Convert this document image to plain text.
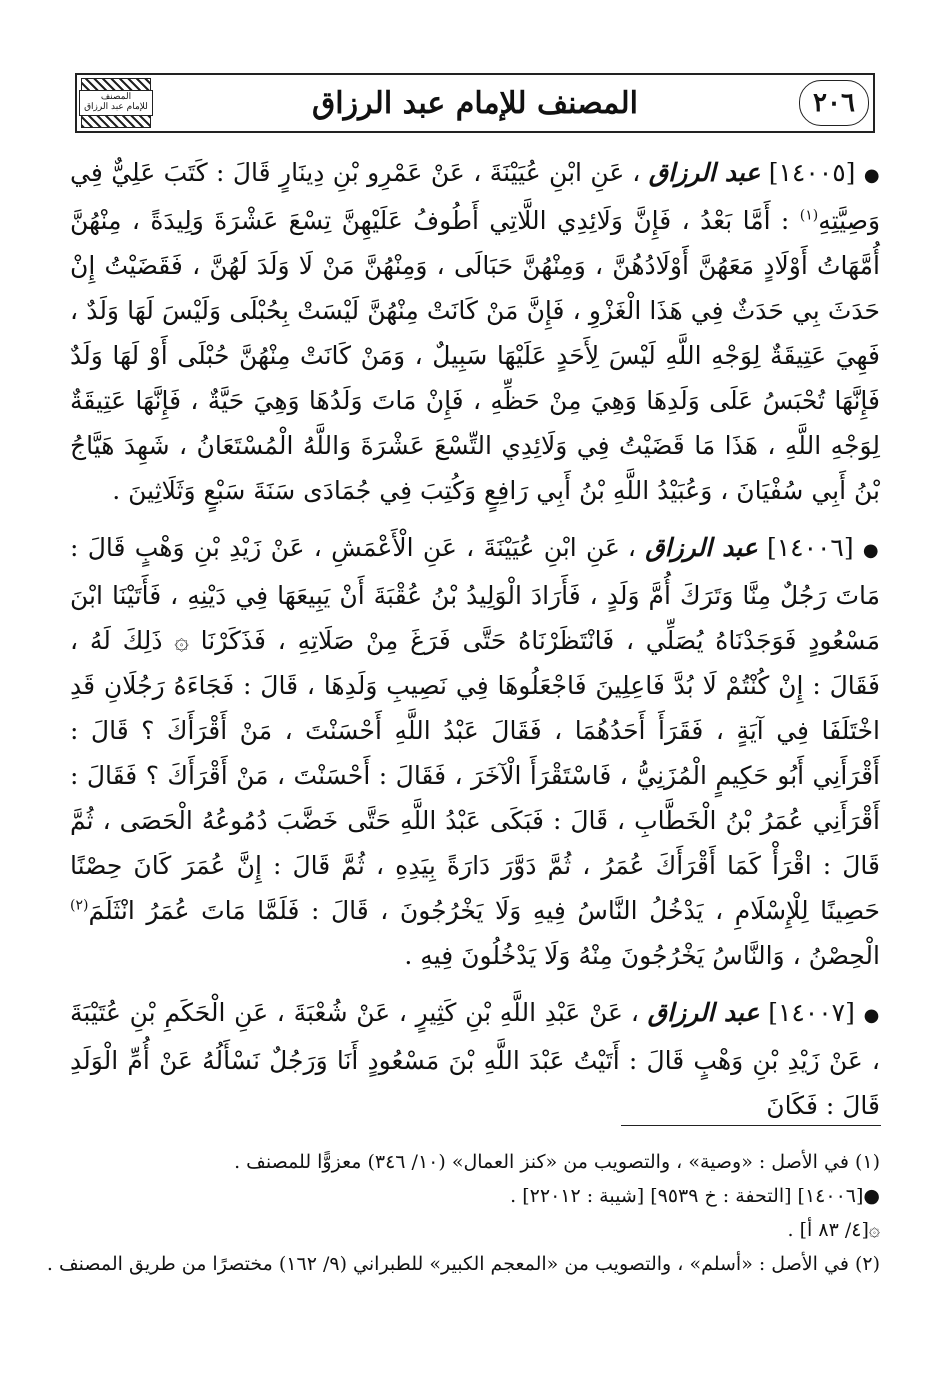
٢٠٦
المصنف للإمام عبد الرزاق
المصنف
للإمام عبد الرزاق

● [١٤٠٠٥] عبد الرزاق ، عَنِ ابْنِ عُيَيْنَةَ ، عَنْ عَمْرِو بْنِ دِينَارٍ قَالَ : كَتَبَ عَلِيٌّ فِي وَصِيَّتِهِ$^{(١)}$ : أَمَّا بَعْدُ ، فَإِنَّ وَلَائِدِي اللَّاتِي أَطُوفُ عَلَيْهِنَّ تِسْعَ عَشْرَةَ وَلِيدَةً ، مِنْهُنَّ أُمَّهَاتُ أَوْلَادٍ مَعَهُنَّ أَوْلَادُهُنَّ ، وَمِنْهُنَّ حَبَالَى ، وَمِنْهُنَّ مَنْ لَا وَلَدَ لَهُنَّ ، فَقَضَيْتُ إِنْ حَدَثَ بِي حَدَثٌ فِي هَذَا الْغَزْوِ ، فَإِنَّ مَنْ كَانَتْ مِنْهُنَّ لَيْسَتْ بِحُبْلَى وَلَيْسَ لَهَا وَلَدٌ ، فَهِيَ عَتِيقَةٌ لِوَجْهِ اللَّهِ لَيْسَ لِأَحَدٍ عَلَيْهَا سَبِيلٌ ، وَمَنْ كَانَتْ مِنْهُنَّ حُبْلَى أَوْ لَهَا وَلَدٌ فَإِنَّهَا تُحْبَسُ عَلَى وَلَدِهَا وَهِيَ مِنْ حَظِّهِ ، فَإِنْ مَاتَ وَلَدُهَا وَهِيَ حَيَّةٌ ، فَإِنَّهَا عَتِيقَةٌ لِوَجْهِ اللَّهِ ، هَذَا مَا قَضَيْتُ فِي وَلَائِدِي التِّسْعَ عَشْرَةَ وَاللَّهُ الْمُسْتَعَانُ ، شَهِدَ هَيَّاجُ بْنُ أَبِي سُفْيَانَ ، وَعُبَيْدُ اللَّهِ بْنُ أَبِي رَافِعٍ وَكُتِبَ فِي جُمَادَى سَنَةَ سَبْعٍ وَثَلَاثِينَ .

● [١٤٠٠٦] عبد الرزاق ، عَنِ ابْنِ عُيَيْنَةَ ، عَنِ الْأَعْمَشِ ، عَنْ زَيْدِ بْنِ وَهْبٍ قَالَ : مَاتَ رَجُلٌ مِنَّا وَتَرَكَ أُمَّ وَلَدٍ ، فَأَرَادَ الْوَلِيدُ بْنُ عُقْبَةَ أَنْ يَبِيعَهَا فِي دَيْنِهِ ، فَأَتَيْنَا ابْنَ مَسْعُودٍ فَوَجَدْنَاهُ يُصَلِّي ، فَانْتَظَرْنَاهُ حَتَّى فَرَغَ مِنْ صَلَاتِهِ ، فَذَكَرْنَا ۞ ذَلِكَ لَهُ ، فَقَالَ : إِنْ كُنْتُمْ لَا بُدَّ فَاعِلِينَ فَاجْعَلُوهَا فِي نَصِيبِ وَلَدِهَا ، قَالَ : فَجَاءَهُ رَجُلَانِ قَدِ اخْتَلَفَا فِي آيَةٍ ، فَقَرَأَ أَحَدُهُمَا ، فَقَالَ عَبْدُ اللَّهِ أَحْسَنْتَ ، مَنْ أَقْرَأَكَ ؟ قَالَ : أَقْرَأَنِي أَبُو حَكِيمٍ الْمُزَنِيُّ ، فَاسْتَقْرَأَ الْآخَرَ ، فَقَالَ : أَحْسَنْتَ ، مَنْ أَقْرَأَكَ ؟ فَقَالَ : أَقْرَأَنِي عُمَرُ بْنُ الْخَطَّابِ ، قَالَ : فَبَكَى عَبْدُ اللَّهِ حَتَّى خَضَّبَ دُمُوعُهُ الْحَصَى ، ثُمَّ قَالَ : اقْرَأْ كَمَا أَقْرَأَكَ عُمَرُ ، ثُمَّ دَوَّرَ دَارَةً بِيَدِهِ ، ثُمَّ قَالَ : إِنَّ عُمَرَ كَانَ حِصْنًا حَصِينًا لِلْإِسْلَامِ ، يَدْخُلُ النَّاسُ فِيهِ وَلَا يَخْرُجُونَ ، قَالَ : فَلَمَّا مَاتَ عُمَرُ انْثَلَمَ$^{(٢)}$ الْحِصْنُ ، وَالنَّاسُ يَخْرُجُونَ مِنْهُ وَلَا يَدْخُلُونَ فِيهِ .

● [١٤٠٠٧] عبد الرزاق ، عَنْ عَبْدِ اللَّهِ بْنِ كَثِيرٍ ، عَنْ شُعْبَةَ ، عَنِ الْحَكَمِ بْنِ عُتَيْبَةَ ، عَنْ زَيْدِ بْنِ وَهْبٍ قَالَ : أَتَيْتُ عَبْدَ اللَّهِ بْنَ مَسْعُودٍ أَنَا وَرَجُلٌ نَسْأَلُهُ عَنْ أُمِّ الْوَلَدِ قَالَ : فَكَانَ

(١) في الأصل : «وصية» ، والتصويب من «كنز العمال» (١٠/ ٣٤٦) معزوًّا للمصنف .

●[١٤٠٠٦] [التحفة : خ ٩٥٣٩] [شيبة : ٢٢٠١٢] .

۞[٤/ ٨٣ أ] .

(٢) في الأصل : «أسلم» ، والتصويب من «المعجم الكبير» للطبراني (٩/ ١٦٢) مختصرًا من طريق المصنف .
